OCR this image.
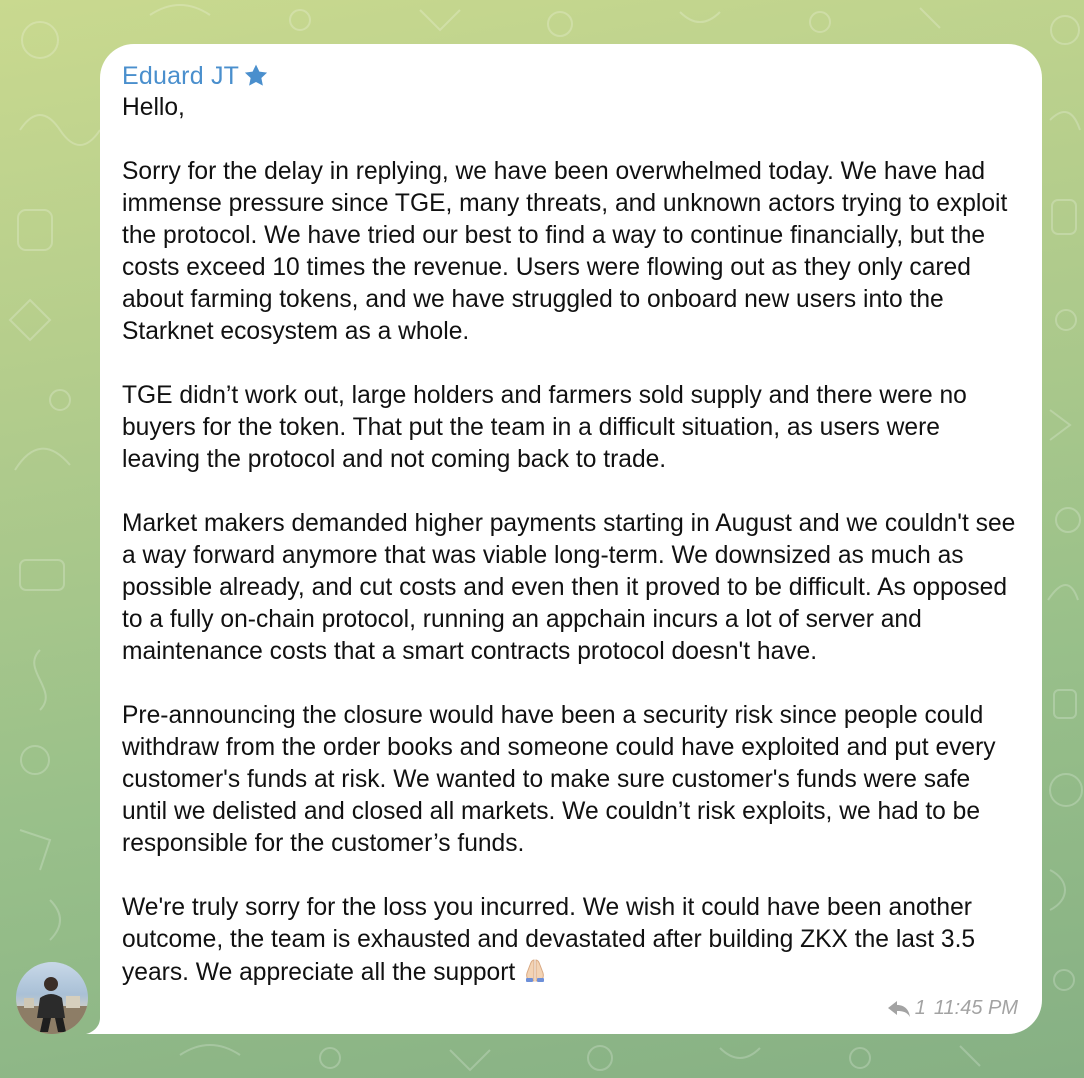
Eduard JT

Hello,

Sorry for the delay in replying, we have been overwhelmed today. We have had immense pressure since TGE, many threats, and unknown actors trying to exploit the protocol. We have tried our best to find a way to continue financially, but the costs exceed 10 times the revenue. Users were flowing out as they only cared about farming tokens, and we have struggled to onboard new users into the Starknet ecosystem as a whole.

TGE didn’t work out, large holders and farmers sold supply and there were no buyers for the token. That put the team in a difficult situation, as users were leaving the protocol and not coming back to trade.

Market makers demanded higher payments starting in August and we couldn't see a way forward anymore that was viable long-term. We downsized as much as possible already, and cut costs and even then it proved to be difficult. As opposed to a fully on-chain protocol, running an appchain incurs a lot of server and maintenance costs that a smart contracts protocol doesn't have.

Pre-announcing the closure would have been a security risk since people could withdraw from the order books and someone could have exploited and put every customer's funds at risk. We wanted to make sure customer's funds were safe until we delisted and closed all markets. We couldn’t risk exploits, we had to be responsible for the customer’s funds.

We're truly sorry for the loss you incurred. We wish it could have been another outcome, the team is exhausted and devastated after building ZKX the last 3.5 years. We appreciate all the support

1 11:45 PM
